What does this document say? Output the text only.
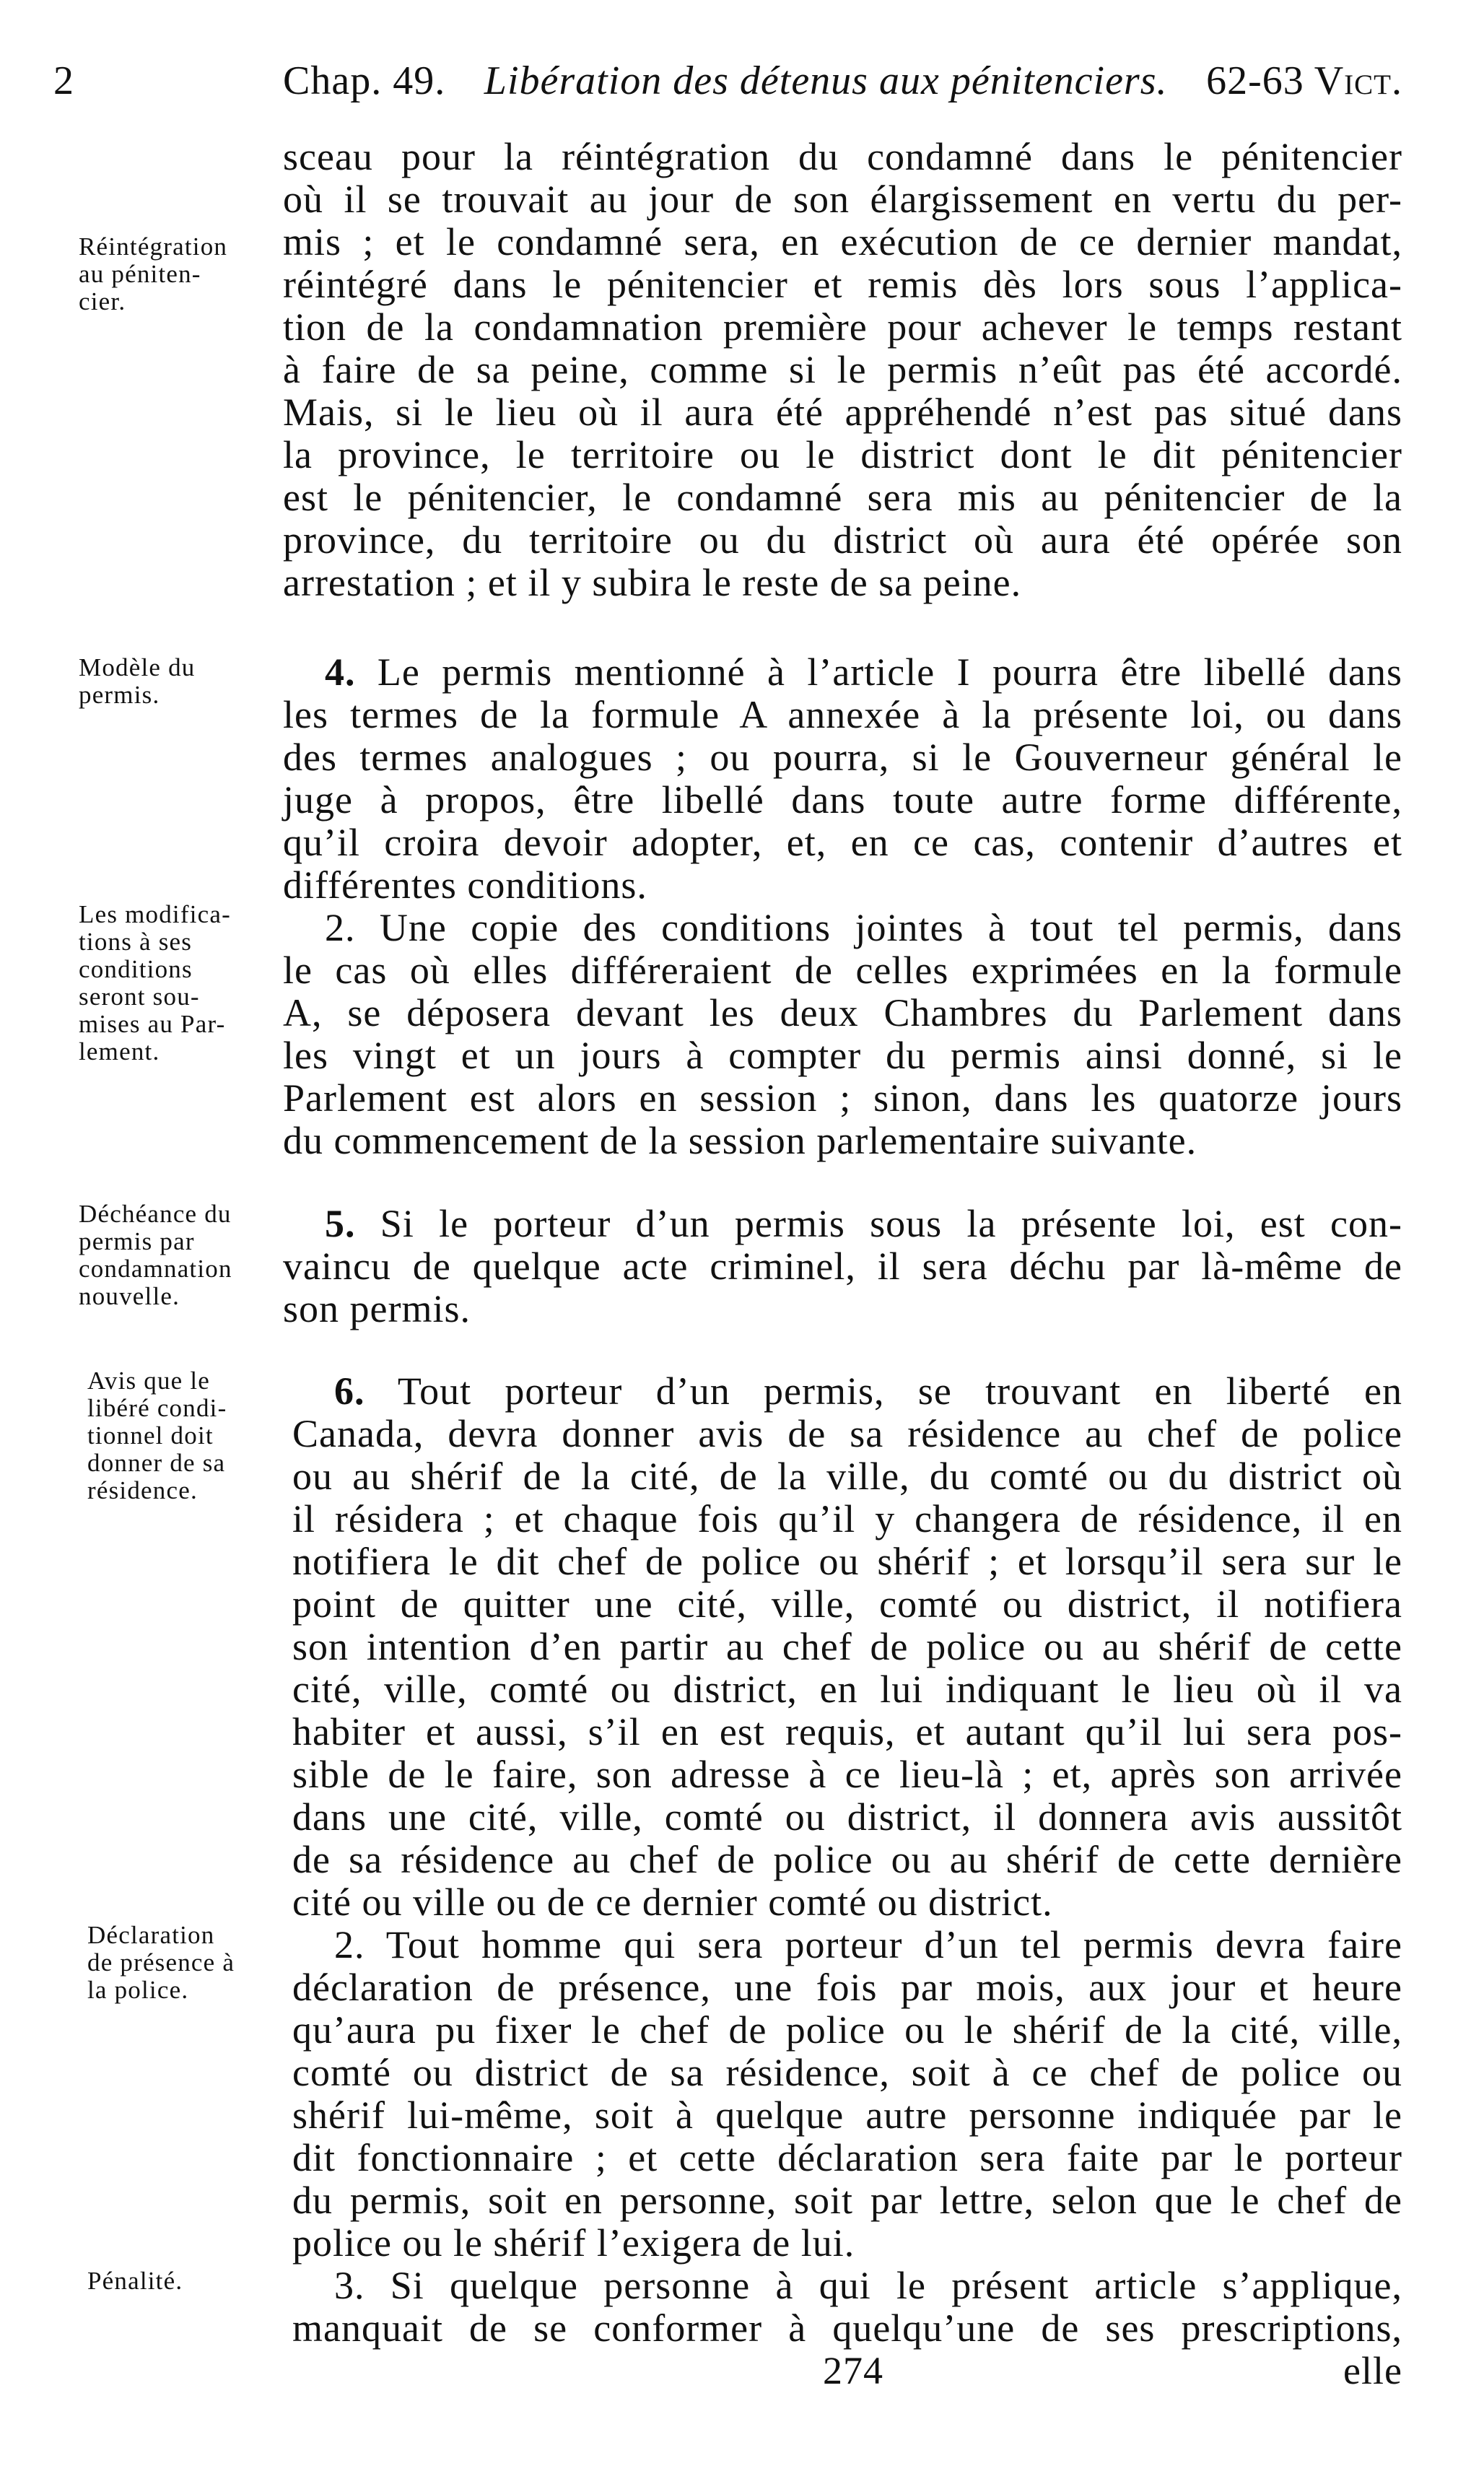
2	Chap. 49. Libération des détenus aux pénitenciers. 62-63 Vict.
Réintégration
au péniten-
cier.
Modèle du
permis.
Les modifica-
tions à ses
conditions
seront sou-
mises au Par-
lement.
Déchéance du
permis par
condamnation
nouvelle.
Avis que le
libéré condi-
tionnel doit
donner de sa
résidence.
Déclaration
de présence à
la police.
Pénalité.
sceau pour la réintégration du condamné dans le pénitencier
où il se trouvait au jour de son élargissement en vertu du per-
mis ; et le condamné sera, en exécution de ce dernier mandat,
réintégré dans le pénitencier et remis dès lors sous l’applica-
tion de la condamnation première pour achever le temps restant
à faire de sa peine, comme si le permis n’eût pas été accordé.
Mais, si le lieu où il aura été appréhendé n’est pas situé dans
la province, le territoire ou le district dont le dit pénitencier
est le pénitencier, le condamné sera mis au pénitencier de la
province, du territoire ou du district où aura été opérée son
arrestation ; et il y subira le reste de sa peine.
4. Le permis mentionné à l’article I pourra être libellé dans
les termes de la formule A annexée à la présente loi, ou dans
des termes analogues ; ou pourra, si le Gouverneur général le
juge à propos, être libellé dans toute autre forme différente,
qu’il croira devoir adopter, et, en ce cas, contenir d’autres et
différentes conditions.
2. Une copie des conditions jointes à tout tel permis, dans
le cas où elles différeraient de celles exprimées en la formule
A, se déposera devant les deux Chambres du Parlement dans
les vingt et un jours à compter du permis ainsi donné, si le
Parlement est alors en session ; sinon, dans les quatorze jours
du commencement de la session parlementaire suivante.
5. Si le porteur d’un permis sous la présente loi, est con-
vaincu de quelque acte criminel, il sera déchu par là-même de
son permis.
6. Tout porteur d’un permis, se trouvant en liberté en
Canada, devra donner avis de sa résidence au chef de police
ou au shérif de la cité, de la ville, du comté ou du district où
il résidera ; et chaque fois qu’il y changera de résidence, il en
notifiera le dit chef de police ou shérif ; et lorsqu’il sera sur le
point de quitter une cité, ville, comté ou district, il notifiera
son intention d’en partir au chef de police ou au shérif de cette
cité, ville, comté ou district, en lui indiquant le lieu où il va
habiter et aussi, s’il en est requis, et autant qu’il lui sera pos-
sible de le faire, son adresse à ce lieu-là ; et, après son arrivée
dans une cité, ville, comté ou district, il donnera avis aussitôt
de sa résidence au chef de police ou au shérif de cette dernière
cité ou ville ou de ce dernier comté ou district.
2. Tout homme qui sera porteur d’un tel permis devra faire
déclaration de présence, une fois par mois, aux jour et heure
qu’aura pu fixer le chef de police ou le shérif de la cité, ville,
comté ou district de sa résidence, soit à ce chef de police ou
shérif lui-même, soit à quelque autre personne indiquée par le
dit fonctionnaire ; et cette déclaration sera faite par le porteur
du permis, soit en personne, soit par lettre, selon que le chef de
police ou le shérif l’exigera de lui.
3. Si quelque personne à qui le présent article s’applique,
manquait de se conformer à quelqu’une de ses prescriptions,
274	elle
